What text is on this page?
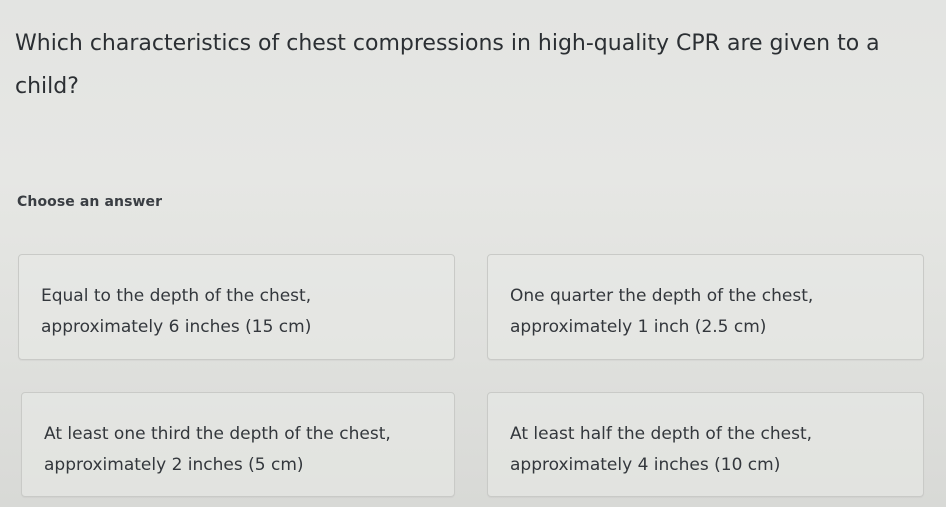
Which characteristics of chest compressions in high-quality CPR are given to a child?

Choose an answer
Equal to the depth of the chest,
approximately 6 inches (15 cm)
One quarter the depth of the chest,
approximately 1 inch (2.5 cm)
At least one third the depth of the chest,
approximately 2 inches (5 cm)
At least half the depth of the chest,
approximately 4 inches (10 cm)
